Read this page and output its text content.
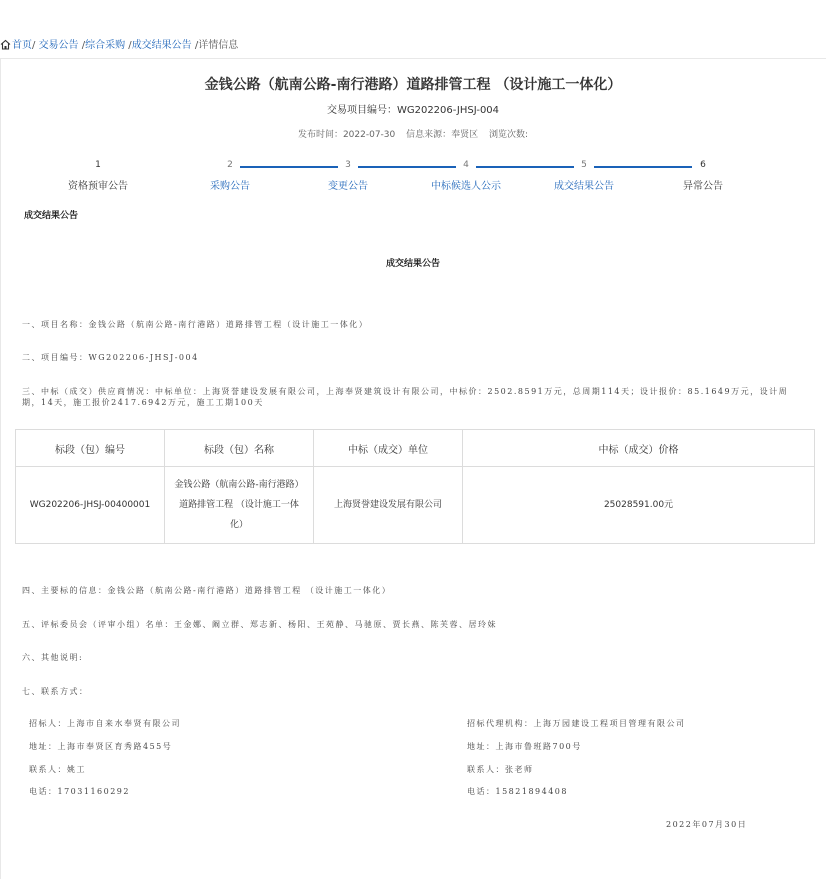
首页/ 交易公告 /综合采购 /成交结果公告 /详情信息
金钱公路（航南公路-南行港路）道路排管工程 （设计施工一体化）
交易项目编号：WG202206-JHSJ-004
发布时间：2022-07-30 信息来源：奉贤区 浏览次数:
1
资格预审公告
2
采购公告
3
变更公告
4
中标候选人公示
5
成交结果公告
6
异常公告
成交结果公告
成交结果公告
一、项目名称：金钱公路（航南公路-南行港路）道路排管工程（设计施工一体化）
二、项目编号：WG202206-JHSJ-004
三、中标（成交）供应商情况：中标单位：上海贤誉建设发展有限公司，上海奉贤建筑设计有限公司，中标价：2502.8591万元，总周期114天；设计报价：85.1649万元，设计周期，14天，施工报价2417.6942万元，施工工期100天
标段（包）编号	标段（包）名称	中标（成交）单位	中标（成交）价格
WG202206-JHSJ-00400001	金钱公路（航南公路-南行港路）道路排管工程 （设计施工一体化）	上海贤誉建设发展有限公司	25028591.00元
四、主要标的信息：金钱公路（航南公路-南行港路）道路排管工程 （设计施工一体化）
五、评标委员会（评审小组）名单：王金娜、阚立群、郑志新、杨阳、王苑静、马驰原、贾长燕、陈芙蓉、居玲妹
六、其他说明:
七、联系方式：
招标人：上海市自来水奉贤有限公司
地址：上海市奉贤区育秀路455号
联系人：姚工
电话：17031160292
招标代理机构：上海万园建设工程项目管理有限公司
地址：上海市鲁班路700号
联系人：张老师
电话：15821894408
2022年07月30日
